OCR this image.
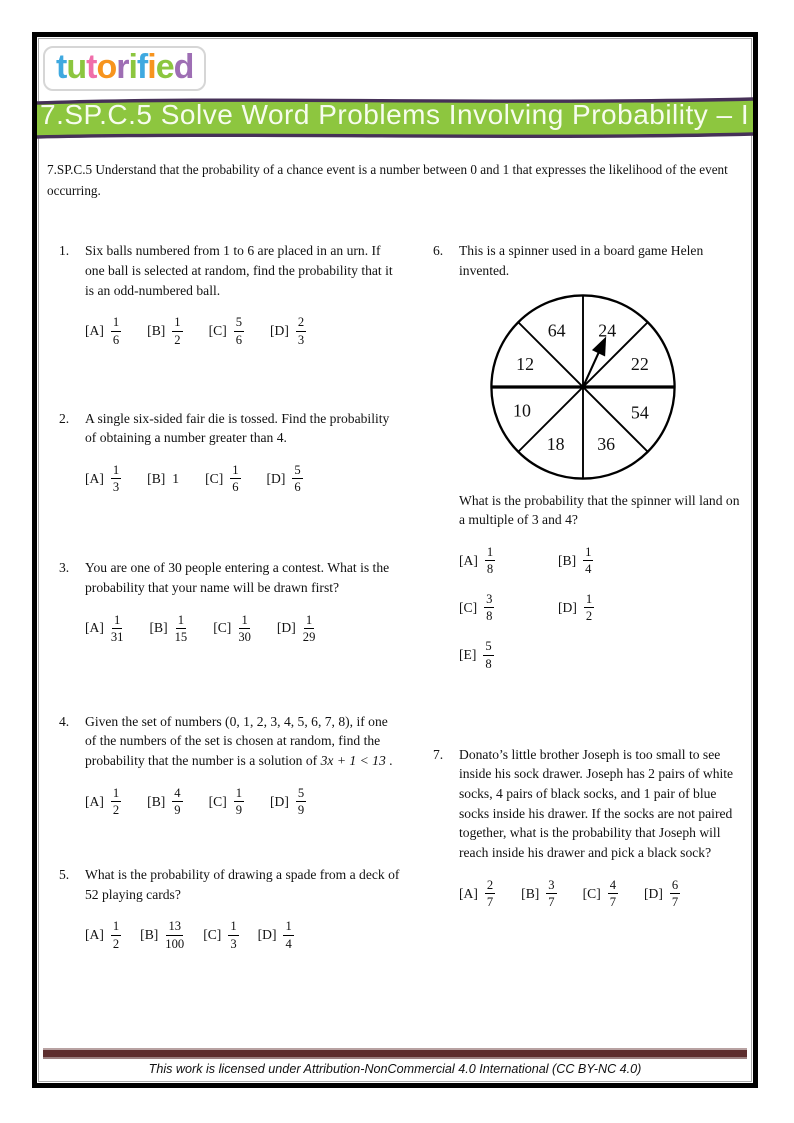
tutorified
7.SP.C.5 Solve Word Problems Involving Probability – I

7.SP.C.5 Understand that the probability of a chance event is a number between 0 and 1 that expresses the likelihood of the event occurring.

1. Six balls numbered from 1 to 6 are placed in an urn. If one ball is selected at random, find the probability that it is an odd-numbered ball.
$[A] \frac{1}{6} [B] \frac{1}{2} [C] \frac{5}{6} [D] \frac{2}{3}$
2. A single six-sided fair die is tossed. Find the probability of obtaining a number greater than 4.
$[A] \frac{1}{3} [B]$ 1 $[C] \frac{1}{6} [D] \frac{5}{6}$
3. You are one of 30 people entering a contest. What is the probability that your name will be drawn first?
$[A] \frac{1}{31} [B] \frac{1}{15} [C] \frac{1}{30} [D] \frac{1}{29}$
4. Given the set of numbers (0, 1, 2, 3, 4, 5, 6, 7, 8), if one of the numbers of the set is chosen at random, find the probability that the number is a solution of 3x + 1 < 13 .
$[A] \frac{1}{2} [B] \frac{4}{9} [C] \frac{1}{9} [D] \frac{5}{9}$
5. What is the probability of drawing a spade from a deck of 52 playing cards?
$[A] \frac{1}{2} [B] \frac{13}{100} [C] \frac{1}{3} [D] \frac{1}{4}$
6. This is a spinner used in a board game Helen invented.
64 24
12	22
10	54
18 36
What is the probability that the spinner will land on a multiple of 3 and 4?
$[A] \frac{1}{8}$	$[B] \frac{1}{4}$
$[C] \frac{3}{8}$	$[D] \frac{1}{2}$
$[E] \frac{5}{8}$
7. Donato’s little brother Joseph is too small to see inside his sock drawer. Joseph has 2 pairs of white socks, 4 pairs of black socks, and 1 pair of blue socks inside his drawer. If the socks are not paired together, what is the probability that Joseph will reach inside his drawer and pick a black sock?
$[A] \frac{2}{7} [B] \frac{3}{7} [C] \frac{4}{7} [D] \frac{6}{7}$
This work is licensed under Attribution-NonCommercial 4.0 International (CC BY-NC 4.0)
